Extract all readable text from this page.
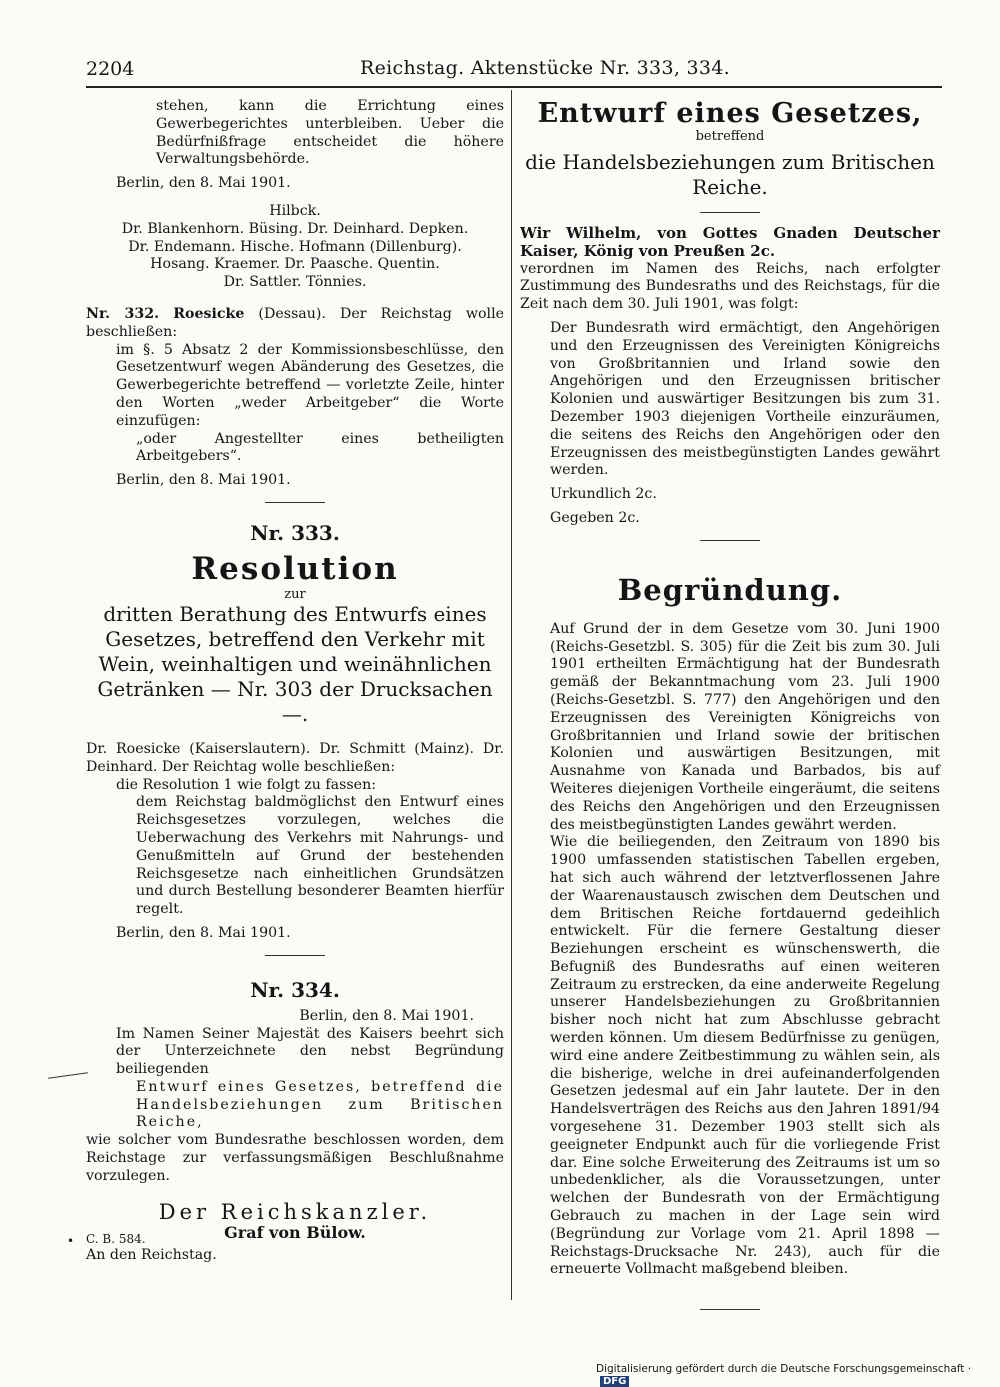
2204	Reichstag. Aktenstücke Nr. 333, 334.

stehen, kann die Errichtung eines Gewerbegerichtes unterbleiben. Ueber die Bedürfnißfrage entscheidet die höhere Verwaltungsbehörde.

Berlin, den 8. Mai 1901.

Hilbck.

Dr. Blankenhorn. Büsing. Dr. Deinhard. Depken.

Dr. Endemann. Hische. Hofmann (Dillenburg).

Hosang. Kraemer. Dr. Paasche. Quentin.

Dr. Sattler. Tönnies.

Nr. 332. Roesicke (Dessau). Der Reichstag wolle beschließen:

im §. 5 Absatz 2 der Kommissionsbeschlüsse, den Gesetzentwurf wegen Abänderung des Gesetzes, die Gewerbegerichte betreffend — vorletzte Zeile, hinter den Worten „weder Arbeitgeber“ die Worte einzufügen:

„oder Angestellter eines betheiligten Arbeitgebers“.

Berlin, den 8. Mai 1901.

Nr. 333.

Resolution

zur

dritten Berathung des Entwurfs eines Gesetzes, betreffend den Verkehr mit Wein, weinhaltigen und weinähnlichen Getränken — Nr. 303 der Drucksachen —.

Dr. Roesicke (Kaiserslautern). Dr. Schmitt (Mainz). Dr. Deinhard. Der Reichtag wolle beschließen:

die Resolution 1 wie folgt zu fassen:

dem Reichstag baldmöglichst den Entwurf eines Reichsgesetzes vorzulegen, welches die Ueberwachung des Verkehrs mit Nahrungs- und Genußmitteln auf Grund der bestehenden Reichsgesetze nach einheitlichen Grundsätzen und durch Bestellung besonderer Beamten hierfür regelt.

Berlin, den 8. Mai 1901.

Nr. 334.

Berlin, den 8. Mai 1901.

Im Namen Seiner Majestät des Kaisers beehrt sich der Unterzeichnete den nebst Begründung beiliegenden

Entwurf eines Gesetzes, betreffend die Handelsbeziehungen zum Britischen Reiche,

wie solcher vom Bundesrathe beschlossen worden, dem Reichstage zur verfassungsmäßigen Beschlußnahme vorzulegen.

Der Reichskanzler.

Graf von Bülow.

An den Reichstag.

• C. B. 584.

Entwurf eines Gesetzes,

betreffend

die Handelsbeziehungen zum Britischen Reiche.

Wir Wilhelm, von Gottes Gnaden Deutscher Kaiser, König von Preußen 2c.

verordnen im Namen des Reichs, nach erfolgter Zustimmung des Bundesraths und des Reichstags, für die Zeit nach dem 30. Juli 1901, was folgt:

Der Bundesrath wird ermächtigt, den Angehörigen und den Erzeugnissen des Vereinigten Königreichs von Großbritannien und Irland sowie den Angehörigen und den Erzeugnissen britischer Kolonien und auswärtiger Besitzungen bis zum 31. Dezember 1903 diejenigen Vortheile einzuräumen, die seitens des Reichs den Angehörigen oder den Erzeugnissen des meistbegünstigten Landes gewährt werden.

Urkundlich 2c.

Gegeben 2c.

Begründung.

Auf Grund der in dem Gesetze vom 30. Juni 1900 (Reichs-Gesetzbl. S. 305) für die Zeit bis zum 30. Juli 1901 ertheilten Ermächtigung hat der Bundesrath gemäß der Bekanntmachung vom 23. Juli 1900 (Reichs-Gesetzbl. S. 777) den Angehörigen und den Erzeugnissen des Vereinigten Königreichs von Großbritannien und Irland sowie der britischen Kolonien und auswärtigen Besitzungen, mit Ausnahme von Kanada und Barbados, bis auf Weiteres diejenigen Vortheile eingeräumt, die seitens des Reichs den Angehörigen und den Erzeugnissen des meistbegünstigten Landes gewährt werden.

Wie die beiliegenden, den Zeitraum von 1890 bis 1900 umfassenden statistischen Tabellen ergeben, hat sich auch während der letztverflossenen Jahre der Waarenaustausch zwischen dem Deutschen und dem Britischen Reiche fortdauernd gedeihlich entwickelt. Für die fernere Gestaltung dieser Beziehungen erscheint es wünschenswerth, die Befugniß des Bundesraths auf einen weiteren Zeitraum zu erstrecken, da eine anderweite Regelung unserer Handelsbeziehungen zu Großbritannien bisher noch nicht hat zum Abschlusse gebracht werden können. Um diesem Bedürfnisse zu genügen, wird eine andere Zeitbestimmung zu wählen sein, als die bisherige, welche in drei aufeinanderfolgenden Gesetzen jedesmal auf ein Jahr lautete. Der in den Handelsverträgen des Reichs aus den Jahren 1891/94 vorgesehene 31. Dezember 1903 stellt sich als geeigneter Endpunkt auch für die vorliegende Frist dar. Eine solche Erweiterung des Zeitraums ist um so unbedenklicher, als die Voraussetzungen, unter welchen der Bundesrath von der Ermächtigung Gebrauch zu machen in der Lage sein wird (Begründung zur Vorlage vom 21. April 1898 — Reichstags-Drucksache Nr. 243), auch für die erneuerte Vollmacht maßgebend bleiben.

Digitalisierung gefördert durch die Deutsche Forschungsgemeinschaft ·DFG
